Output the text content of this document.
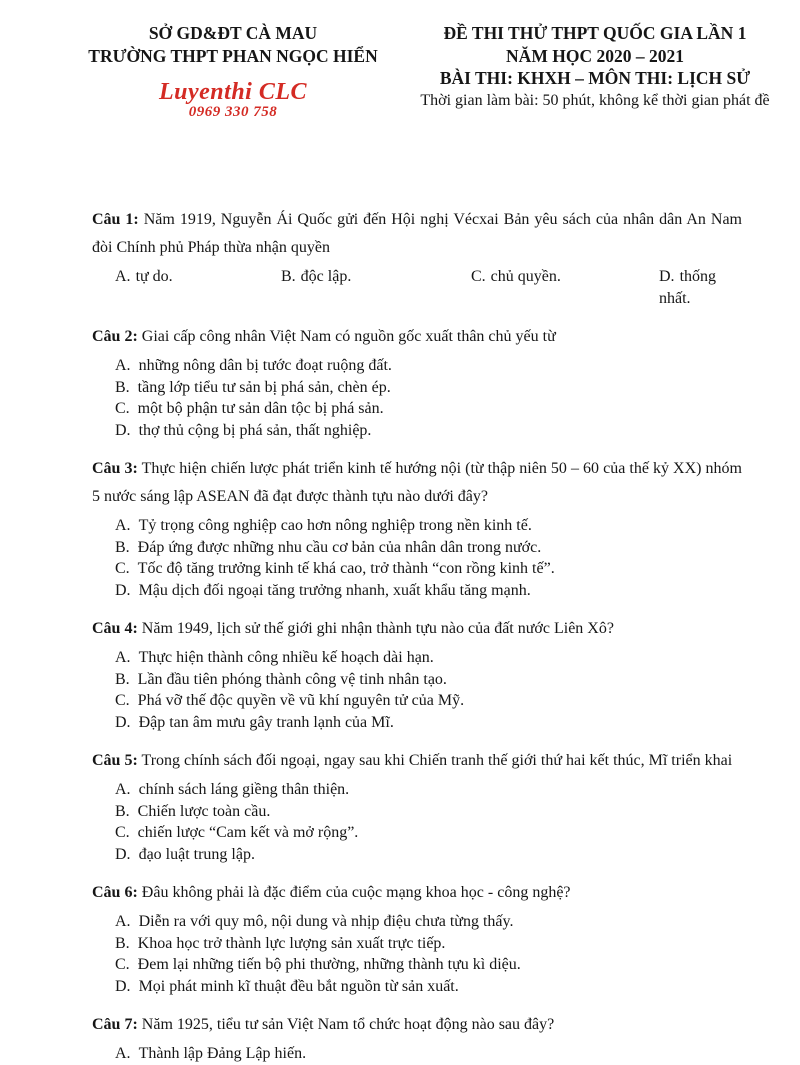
SỞ GD&ĐT CÀ MAU
TRƯỜNG THPT PHAN NGỌC HIỂN
Luyenthi CLC
0969 330 758
ĐỀ THI THỬ THPT QUỐC GIA LẦN 1
NĂM HỌC 2020 – 2021
BÀI THI: KHXH – MÔN THI: LỊCH SỬ
Thời gian làm bài: 50 phút, không kể thời gian phát đề

Câu 1: Năm 1919, Nguyễn Ái Quốc gửi đến Hội nghị Vécxai Bản yêu sách của nhân dân An Nam đòi Chính phủ Pháp thừa nhận quyền

A. tự do.	B. độc lập.	C. chủ quyền.	D. thống nhất.

Câu 2: Giai cấp công nhân Việt Nam có nguồn gốc xuất thân chủ yếu từ

A. những nông dân bị tước đoạt ruộng đất.
B. tầng lớp tiểu tư sản bị phá sản, chèn ép.
C. một bộ phận tư sản dân tộc bị phá sản.
D. thợ thủ cộng bị phá sản, thất nghiệp.

Câu 3: Thực hiện chiến lược phát triển kinh tế hướng nội (từ thập niên 50 – 60 của thế kỷ XX) nhóm 5 nước sáng lập ASEAN đã đạt được thành tựu nào dưới đây?

A. Tỷ trọng công nghiệp cao hơn nông nghiệp trong nền kinh tế.
B. Đáp ứng được những nhu cầu cơ bản của nhân dân trong nước.
C. Tốc độ tăng trưởng kinh tế khá cao, trở thành “con rồng kinh tế”.
D. Mậu dịch đối ngoại tăng trưởng nhanh, xuất khẩu tăng mạnh.

Câu 4: Năm 1949, lịch sử thế giới ghi nhận thành tựu nào của đất nước Liên Xô?

A. Thực hiện thành công nhiều kế hoạch dài hạn.
B. Lần đầu tiên phóng thành công vệ tinh nhân tạo.
C. Phá vỡ thế độc quyền về vũ khí nguyên tử của Mỹ.
D. Đập tan âm mưu gây tranh lạnh của Mĩ.

Câu 5: Trong chính sách đối ngoại, ngay sau khi Chiến tranh thế giới thứ hai kết thúc, Mĩ triển khai

A. chính sách láng giềng thân thiện.
B. Chiến lược toàn cầu.
C. chiến lược “Cam kết và mở rộng”.
D. đạo luật trung lập.

Câu 6: Đâu không phải là đặc điểm của cuộc mạng khoa học - công nghệ?

A. Diễn ra với quy mô, nội dung và nhịp điệu chưa từng thấy.
B. Khoa học trở thành lực lượng sản xuất trực tiếp.
C. Đem lại những tiến bộ phi thường, những thành tựu kì diệu.
D. Mọi phát minh kĩ thuật đều bắt nguồn từ sản xuất.

Câu 7: Năm 1925, tiểu tư sản Việt Nam tổ chức hoạt động nào sau đây?

A. Thành lập Đảng Lập hiến.
